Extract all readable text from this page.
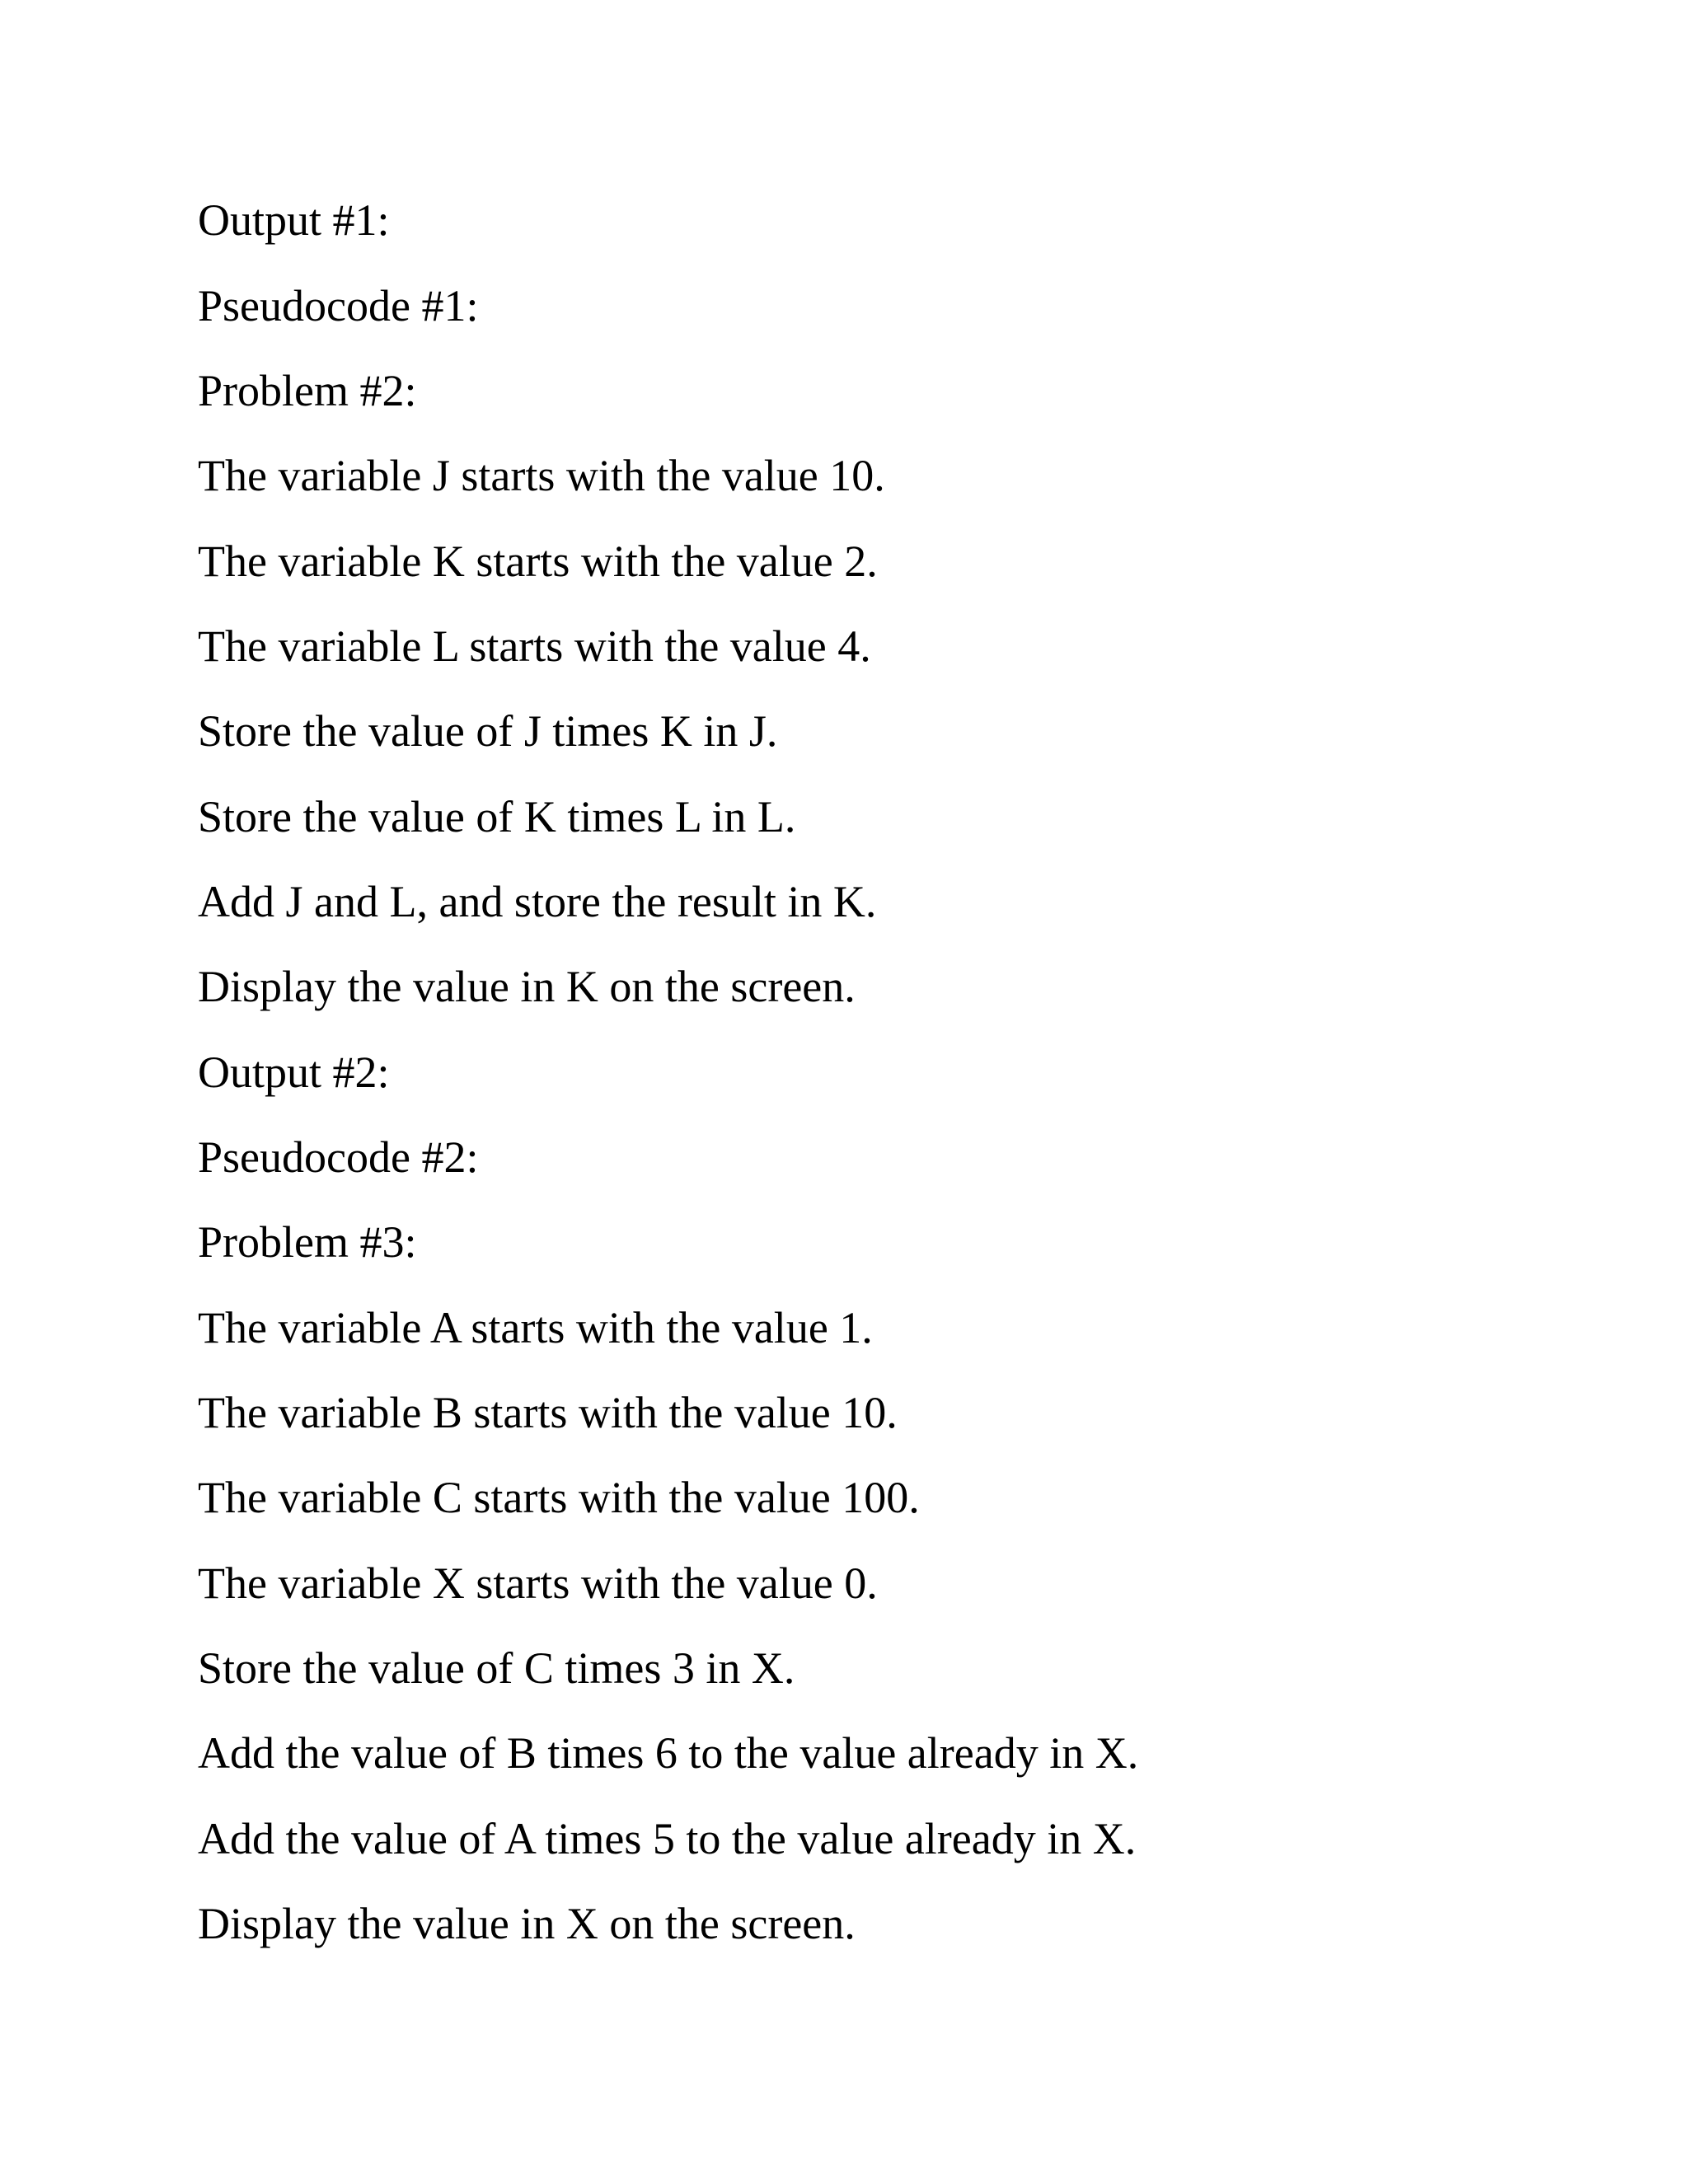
Output #1:

Pseudocode #1:

Problem #2:

The variable J starts with the value 10.

The variable K starts with the value 2.

The variable L starts with the value 4.

Store the value of J times K in J.

Store the value of K times L in L.

Add J and L, and store the result in K.

Display the value in K on the screen.

Output #2:

Pseudocode #2:

Problem #3:

The variable A starts with the value 1.

The variable B starts with the value 10.

The variable C starts with the value 100.

The variable X starts with the value 0.

Store the value of C times 3 in X.

Add the value of B times 6 to the value already in X.

Add the value of A times 5 to the value already in X.

Display the value in X on the screen.
